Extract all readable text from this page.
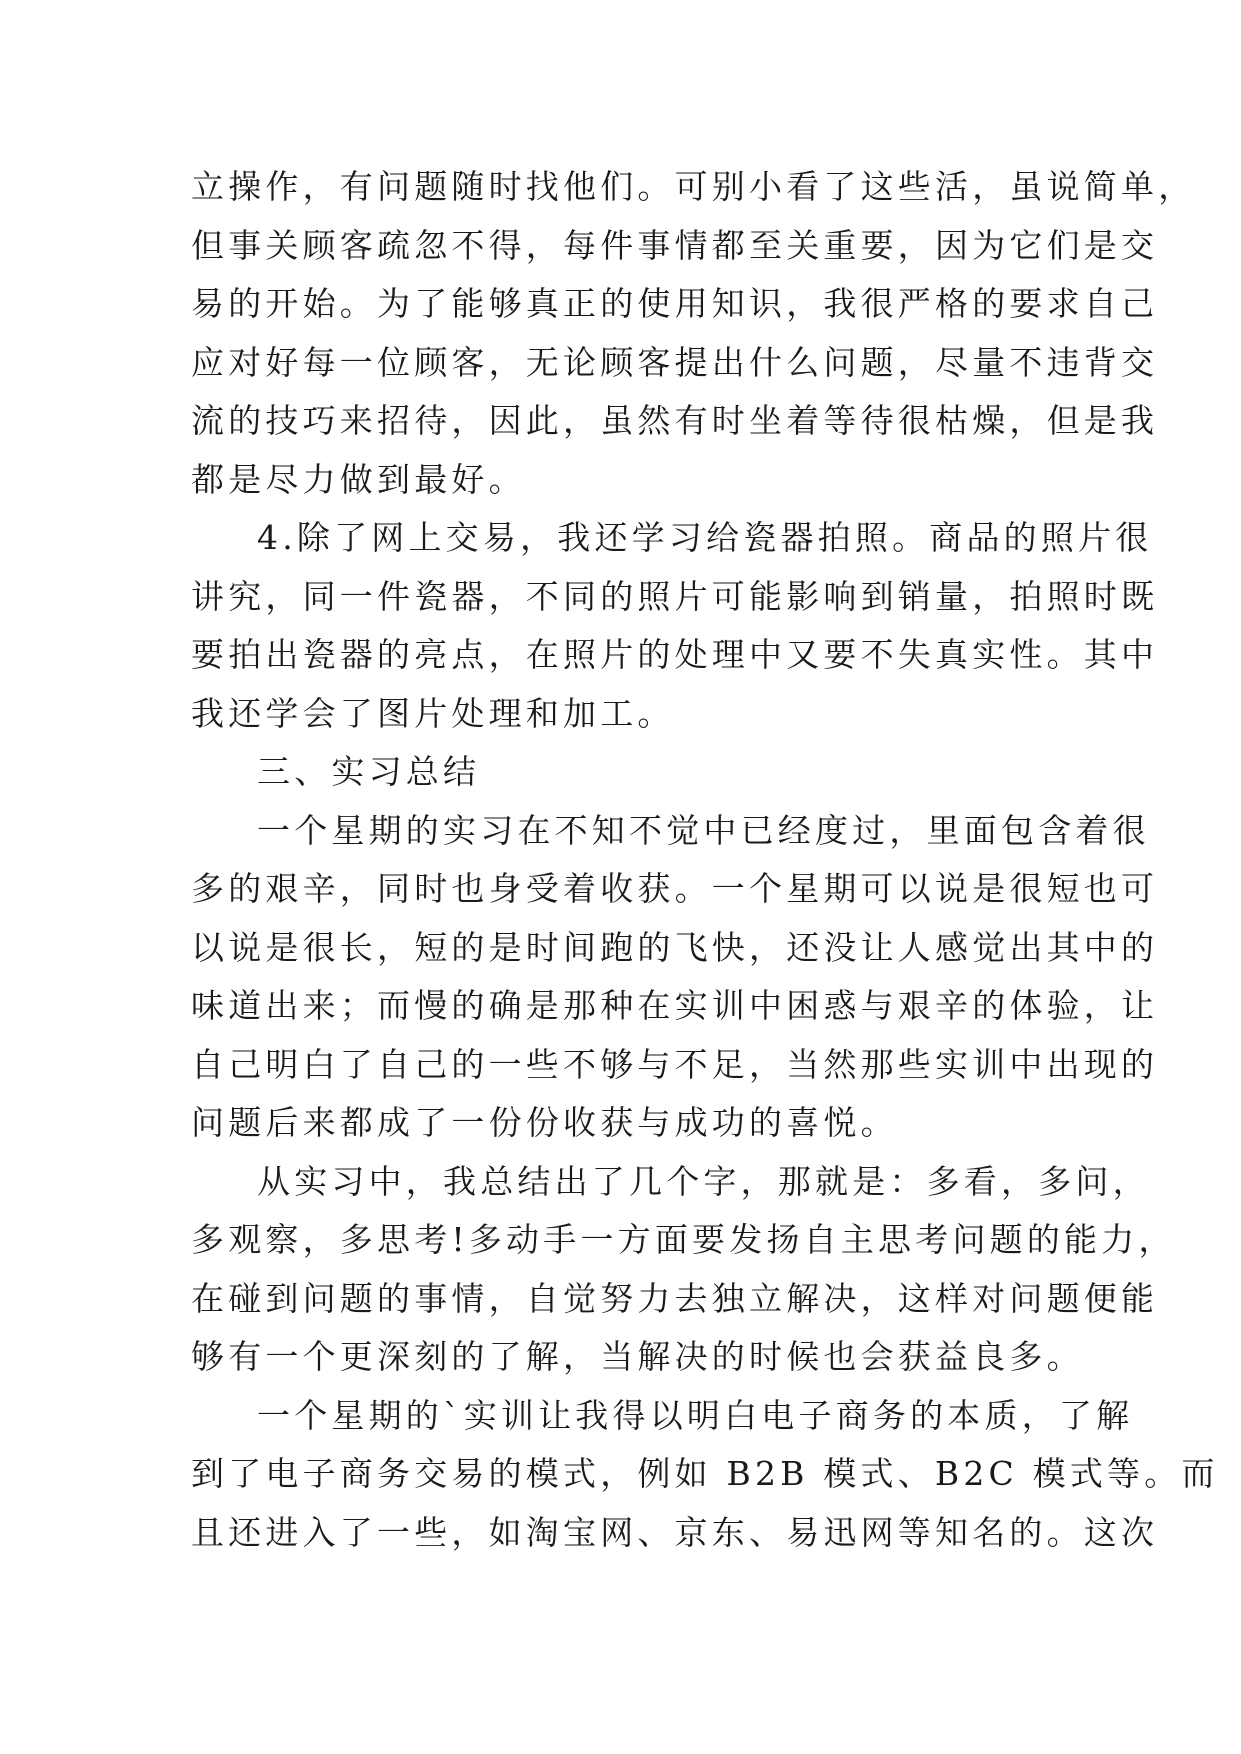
立操作，有问题随时找他们。可别小看了这些活，虽说简单，
但事关顾客疏忽不得，每件事情都至关重要，因为它们是交
易的开始。为了能够真正的使用知识，我很严格的要求自己
应对好每一位顾客，无论顾客提出什么问题，尽量不违背交
流的技巧来招待，因此，虽然有时坐着等待很枯燥，但是我
都是尽力做到最好。

4.除了网上交易，我还学习给瓷器拍照。商品的照片很
讲究，同一件瓷器，不同的照片可能影响到销量，拍照时既
要拍出瓷器的亮点，在照片的处理中又要不失真实性。其中
我还学会了图片处理和加工。

三、实习总结

一个星期的实习在不知不觉中已经度过，里面包含着很
多的艰辛，同时也身受着收获。一个星期可以说是很短也可
以说是很长，短的是时间跑的飞快，还没让人感觉出其中的
味道出来；而慢的确是那种在实训中困惑与艰辛的体验，让
自己明白了自己的一些不够与不足，当然那些实训中出现的
问题后来都成了一份份收获与成功的喜悦。

从实习中，我总结出了几个字，那就是：多看，多问，
多观察，多思考!多动手一方面要发扬自主思考问题的能力，
在碰到问题的事情，自觉努力去独立解决，这样对问题便能
够有一个更深刻的了解，当解决的时候也会获益良多。

一个星期的`实训让我得以明白电子商务的本质，了解
到了电子商务交易的模式，例如 B2B 模式、B2C 模式等。而
且还进入了一些，如淘宝网、京东、易迅网等知名的。这次
